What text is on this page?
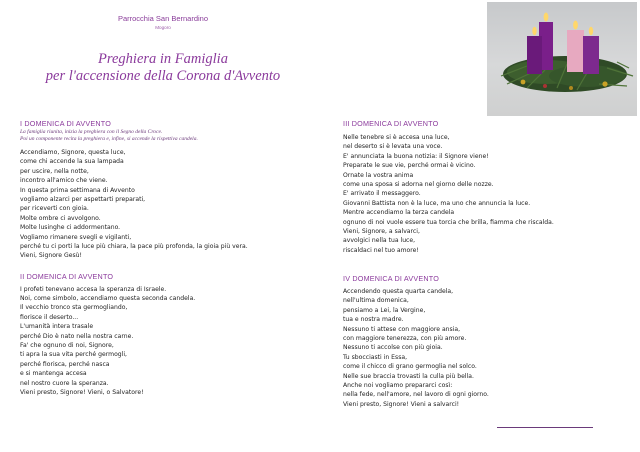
Parrocchia San Bernardino
Mogoro
Preghiera in Famiglia
per l'accensione della Corona d'Avvento
I DOMENICA DI AVVENTO
La famiglia riunita, inizia la preghiera con il Segno della Croce.
Poi un componente recita la preghiera e, infine, si accende la rispettiva candela.
Accendiamo, Signore, questa luce,
come chi accende la sua lampada
per uscire, nella notte,
incontro all'amico che viene.
In questa prima settimana di Avvento
vogliamo alzarci per aspettarti preparati,
per riceverti con gioia.
Molte ombre ci avvolgono.
Molte lusinghe ci addormentano.
Vogliamo rimanere svegli e vigilanti,
perché tu ci porti la luce più chiara, la pace più profonda, la gioia più vera.
Vieni, Signore Gesù!
II DOMENICA DI AVVENTO
I profeti tenevano accesa la speranza di Israele.
Noi, come simbolo, accendiamo questa seconda candela.
Il vecchio tronco sta germogliando,
fiorisce il deserto...
L'umanità intera trasale
perché Dio è nato nella nostra carne.
Fa' che ognuno di noi, Signore,
ti apra la sua vita perché germogli,
perché fiorisca, perché nasca
e si mantenga accesa
nel nostro cuore la speranza.
Vieni presto, Signore! Vieni, o Salvatore!
III DOMENICA DI AVVENTO
Nelle tenebre si è accesa una luce,
nel deserto si è levata una voce.
E' annunciata la buona notizia: il Signore viene!
Preparate le sue vie, perché ormai è vicino.
Ornate la vostra anima
come una sposa si adorna nel giorno delle nozze.
E' arrivato il messaggero.
Giovanni Battista non è la luce, ma uno che annuncia la luce.
Mentre accendiamo la terza candela
ognuno di noi vuole essere tua torcia che brilla, fiamma che riscalda.
Vieni, Signore, a salvarci,
avvolgici nella tua luce,
riscaldaci nel tuo amore!
IV DOMENICA DI AVVENTO
Accendendo questa quarta candela,
nell'ultima domenica,
pensiamo a Lei, la Vergine,
tua e nostra madre.
Nessuno ti attese con maggiore ansia,
con maggiore tenerezza, con più amore.
Nessuno ti accolse con più gioia.
Tu sbocciasti in Essa,
come il chicco di grano germoglia nel solco.
Nelle sue braccia trovasti la culla più bella.
Anche noi vogliamo prepararci così:
nella fede, nell'amore, nel lavoro di ogni giorno.
Vieni presto, Signore! Vieni a salvarci!
